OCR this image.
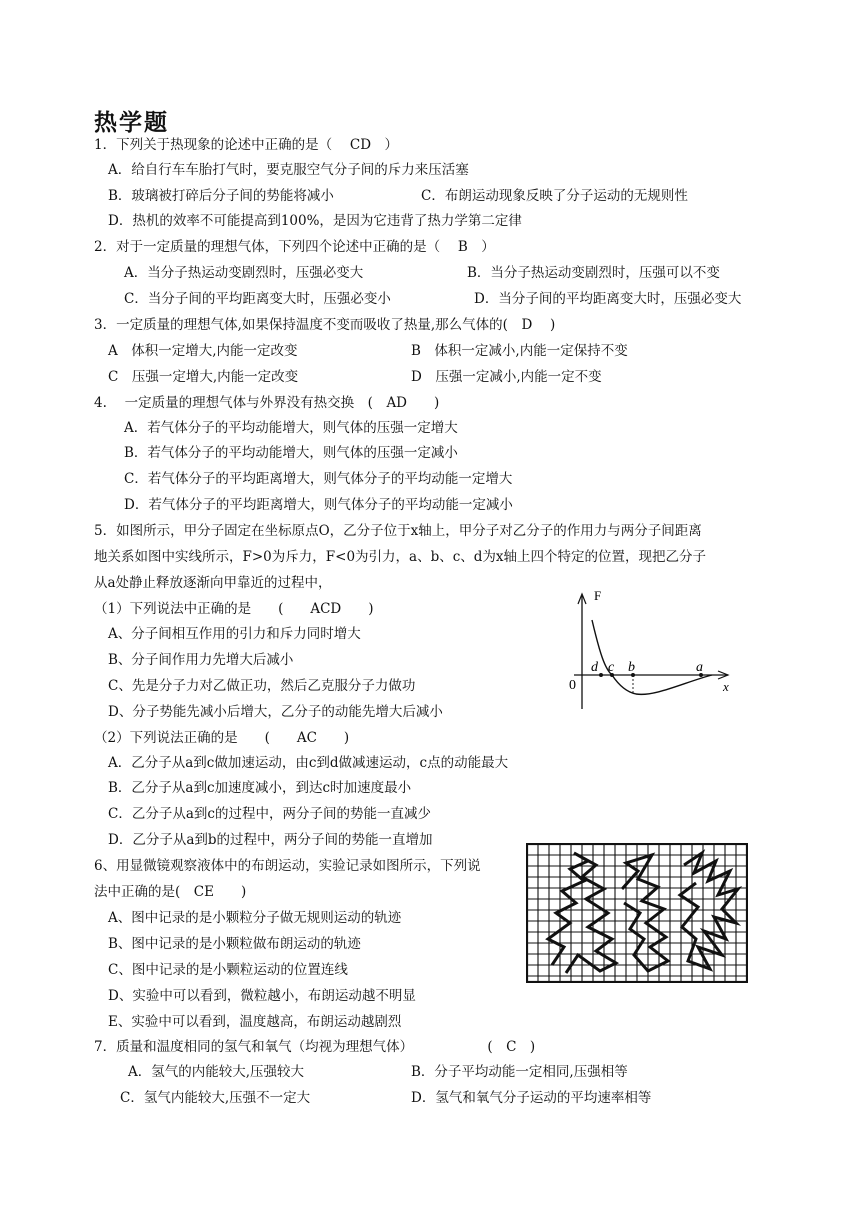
热学题
1．下列关于热现象的论述中正确的是（　 CD　）
A．给自行车车胎打气时，要克服空气分子间的斥力来压活塞
B．玻璃被打碎后分子间的势能将减小	C．布朗运动现象反映了分子运动的无规则性
D．热机的效率不可能提高到100%，是因为它违背了热力学第二定律
2．对于一定质量的理想气体，下列四个论述中正确的是（　 B　）
A．当分子热运动变剧烈时，压强必变大	B．当分子热运动变剧烈时，压强可以不变
C．当分子间的平均距离变大时，压强必变小	D．当分子间的平均距离变大时，压强必变大
3．一定质量的理想气体,如果保持温度不变而吸收了热量,那么气体的(　D　 )
A　体积一定增大,内能一定改变	B　体积一定减小,内能一定保持不变
C　压强一定增大,内能一定改变	D　压强一定减小,内能一定不变
4.　 一定质量的理想气体与外界没有热交换　(　AD　　)
A．若气体分子的平均动能增大，则气体的压强一定增大
B．若气体分子的平均动能增大，则气体的压强一定减小
C．若气体分子的平均距离增大，则气体分子的平均动能一定增大
D．若气体分子的平均距离增大，则气体分子的平均动能一定减小
5．如图所示，甲分子固定在坐标原点O，乙分子位于x轴上，甲分子对乙分子的作用力与两分子间距离
地关系如图中实线所示，F>0为斥力，F<0为引力，a、b、c、d为x轴上四个特定的位置，现把乙分子
从a处静止释放逐渐向甲靠近的过程中，
（1）下列说法中正确的是　　(　　ACD　　)
A、分子间相互作用的引力和斥力同时增大
B、分子间作用力先增大后减小
C、先是分子力对乙做正功，然后乙克服分子力做功
D、分子势能先减小后增大，乙分子的动能先增大后减小
（2）下列说法正确的是　　(　　AC　　)
A．乙分子从a到c做加速运动，由c到d做减速运动，c点的动能最大
B．乙分子从a到c加速度减小，到达c时加速度最小
C．乙分子从a到c的过程中，两分子间的势能一直减少
D．乙分子从a到b的过程中，两分子间的势能一直增加
F
0	x
d c b	a
6、用显微镜观察液体中的布朗运动，实验记录如图所示，下列说
法中正确的是(　CE　　)
A、图中记录的是小颗粒分子做无规则运动的轨迹
B、图中记录的是小颗粒做布朗运动的轨迹
C、图中记录的是小颗粒运动的位置连线
D、实验中可以看到，微粒越小，布朗运动越不明显
E、实验中可以看到，温度越高，布朗运动越剧烈
7．质量和温度相同的氢气和氧气（均视为理想气体）　　　　　　(　C　)
A．氢气的内能较大,压强较大	B．分子平均动能一定相同,压强相等
C．氢气内能较大,压强不一定大	D．氢气和氧气分子运动的平均速率相等
